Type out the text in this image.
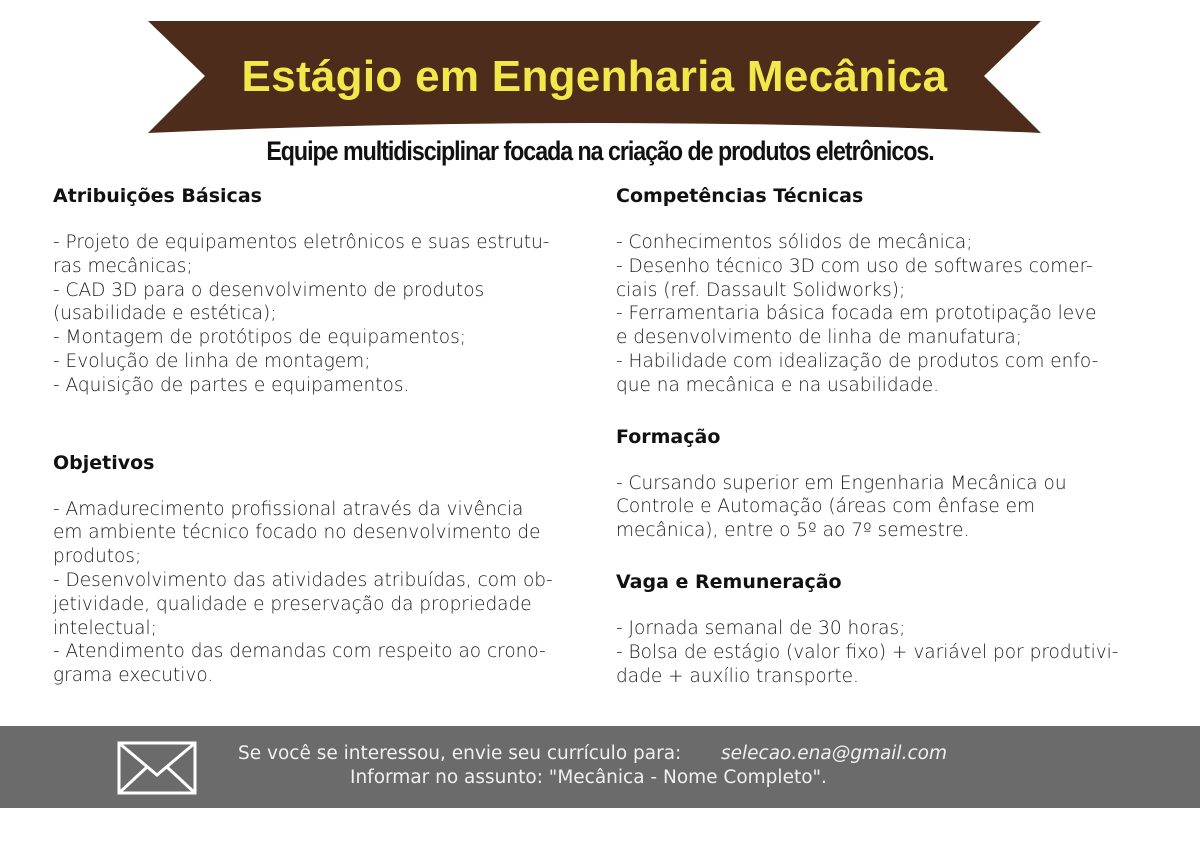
Estágio em Engenharia Mecânica
Equipe multidisciplinar focada na criação de produtos eletrônicos.
Atribuições Básicas

- Projeto de equipamentos eletrônicos e suas estrutu-
ras mecânicas;
- CAD 3D para o desenvolvimento de produtos
(usabilidade e estética);
- Montagem de protótipos de equipamentos;
- Evolução de linha de montagem;
- Aquisição de partes e equipamentos.

Objetivos

- Amadurecimento profissional através da vivência
em ambiente técnico focado no desenvolvimento de
produtos;
- Desenvolvimento das atividades atribuídas, com ob-
jetividade, qualidade e preservação da propriedade
intelectual;
- Atendimento das demandas com respeito ao crono-
grama executivo.

Competências Técnicas

- Conhecimentos sólidos de mecânica;
- Desenho técnico 3D com uso de softwares comer-
ciais (ref. Dassault Solidworks);
- Ferramentaria básica focada em prototipação leve
e desenvolvimento de linha de manufatura;
- Habilidade com idealização de produtos com enfo-
que na mecânica e na usabilidade.

Formação

- Cursando superior em Engenharia Mecânica ou
Controle e Automação (áreas com ênfase em
mecânica), entre o 5º ao 7º semestre.

Vaga e Remuneração

- Jornada semanal de 30 horas;
- Bolsa de estágio (valor fixo) + variável por produtivi-
dade + auxílio transporte.

Se você se interessou, envie seu currículo para: selecao.ena@gmail.com
Informar no assunto: "Mecânica - Nome Completo".
